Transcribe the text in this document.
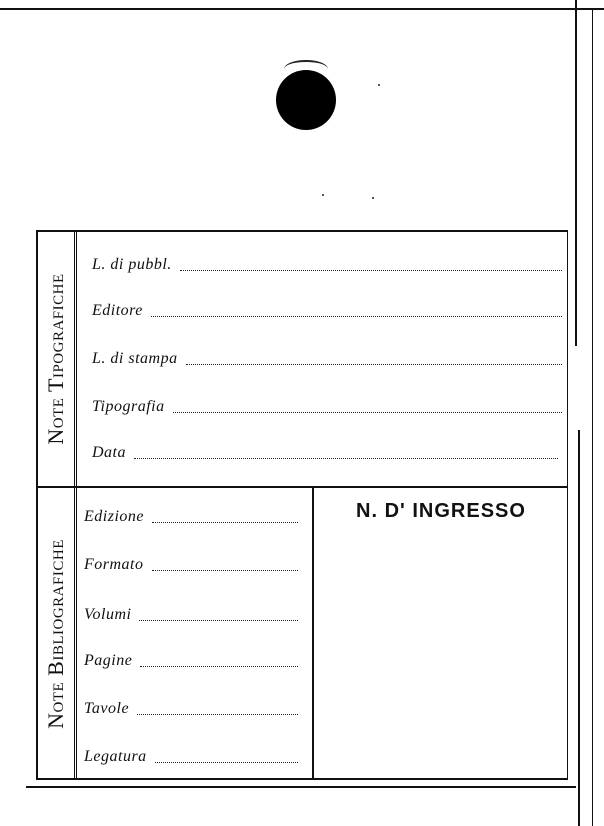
Note Tipografiche
L. di pubbl.
Editore
L. di stampa
Tipografia
Data
Note Bibliografiche
Edizione
Formato
Volumi
Pagine
Tavole
Legatura
N. D' INGRESSO
